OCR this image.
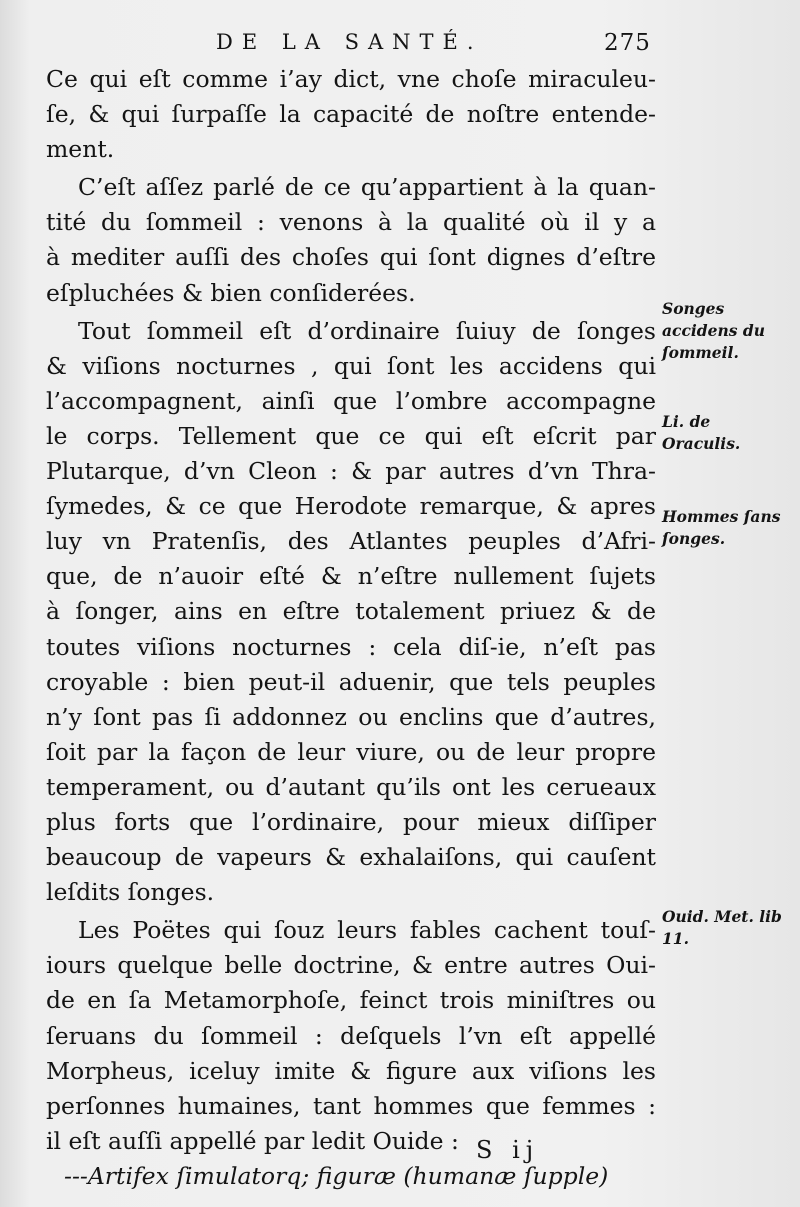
DE LA SANTÉ.	275
Ce qui eſt comme i’ay dict, vne choſe miraculeu-
ſe, & qui ſurpaſſe la capacité de noſtre entende-
ment.
C’eſt aſſez parlé de ce qu’appartient à la quan-
tité du ſommeil : venons à la qualité où il y a
à mediter auſſi des choſes qui ſont dignes d’eſtre
eſpluchées & bien conſiderées.
Tout ſommeil eſt d’ordinaire ſuiuy de ſonges
& viſions nocturnes , qui ſont les accidens qui
l’accompagnent, ainſi que l’ombre accompagne
le corps. Tellement que ce qui eſt eſcrit par
Plutarque, d’vn Cleon : & par autres d’vn Thra-
ſymedes, & ce que Herodote remarque, & apres
luy vn Pratenſis, des Atlantes peuples d’Afri-
que, de n’auoir eſté & n’eſtre nullement ſujets
à ſonger, ains en eſtre totalement priuez & de
toutes viſions nocturnes : cela diſ-ie, n’eſt pas
croyable : bien peut-il aduenir, que tels peuples
n’y ſont pas ſi addonnez ou enclins que d’autres,
ſoit par la façon de leur viure, ou de leur propre
temperament, ou d’autant qu’ils ont les cerueaux
plus forts que l’ordinaire, pour mieux diſſiper
beaucoup de vapeurs & exhalaiſons, qui cauſent
leſdits ſonges.
Les Poëtes qui ſouz leurs fables cachent touſ-
iours quelque belle doctrine, & entre autres Oui-
de en ſa Metamorphoſe, feinct trois miniſtres ou
ſeruans du ſommeil : deſquels l’vn eſt appellé
Morpheus, iceluy imite & figure aux viſions les
perſonnes humaines, tant hommes que femmes :
il eſt auſſi appellé par ledit Ouide :
---Artifex ſimulatorq; figuræ (humanæ ſupple)
Songes accidens du ſommeil.
Li. de Oraculis.
Hommes ſans ſonges.
Ouid. Met. lib 11.
S ij
